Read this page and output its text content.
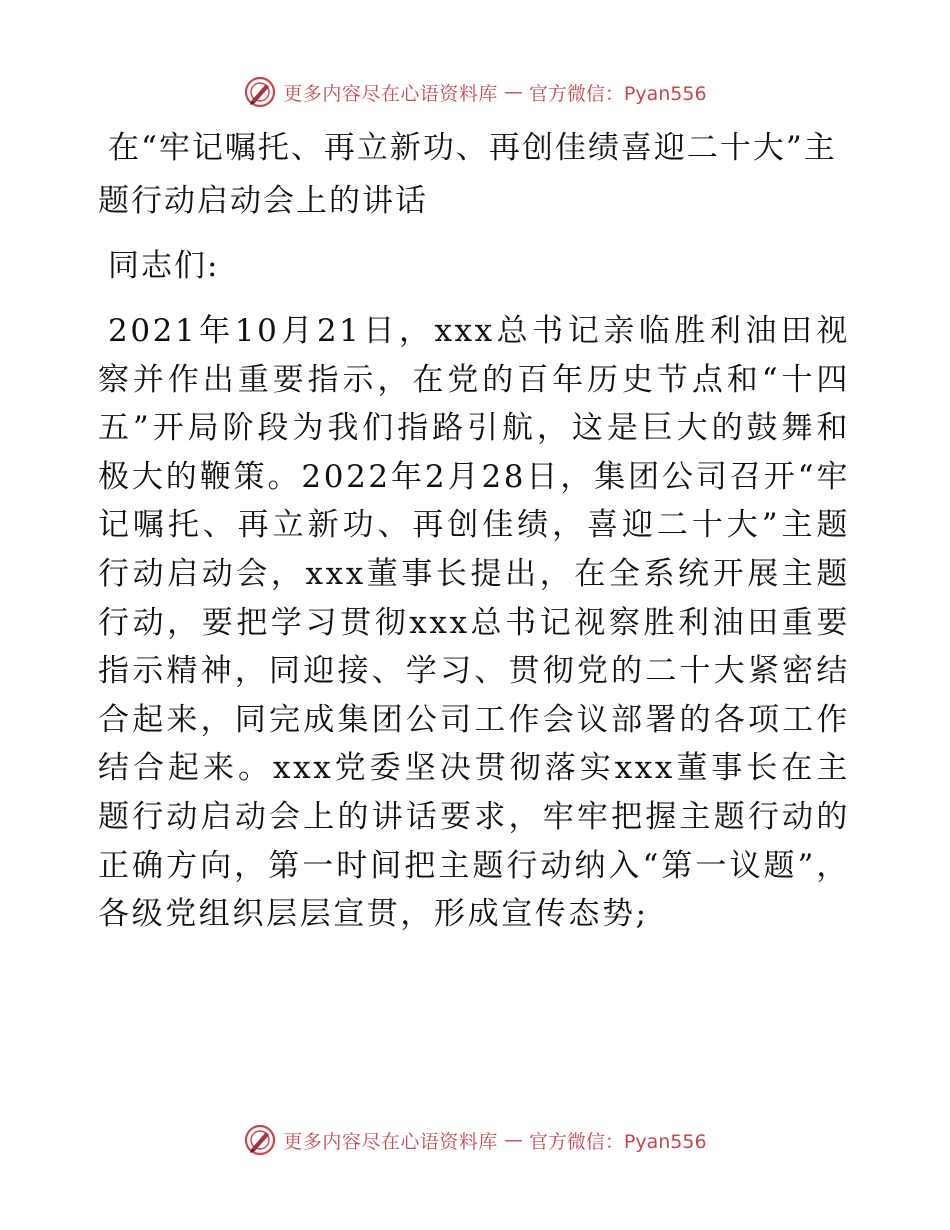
更多内容尽在心语资料库 — 官方微信：Pyan556
在“牢记嘱托、再立新功、再创佳绩喜迎二十大”主题行动启动会上的讲话

同志们:

2021年10月21日，xxx总书记亲临胜利油田视察并作出重要指示，在党的百年历史节点和“十四五”开局阶段为我们指路引航，这是巨大的鼓舞和极大的鞭策。2022年2月28日，集团公司召开“牢记嘱托、再立新功、再创佳绩，喜迎二十大”主题行动启动会，xxx董事长提出，在全系统开展主题行动，要把学习贯彻xxx总书记视察胜利油田重要指示精神，同迎接、学习、贯彻党的二十大紧密结合起来，同完成集团公司工作会议部署的各项工作结合起来。xxx党委坚决贯彻落实xxx董事长在主题行动启动会上的讲话要求，牢牢把握主题行动的正确方向，第一时间把主题行动纳入“第一议题”，各级党组织层层宣贯，形成宣传态势;

更多内容尽在心语资料库 — 官方微信：Pyan556
